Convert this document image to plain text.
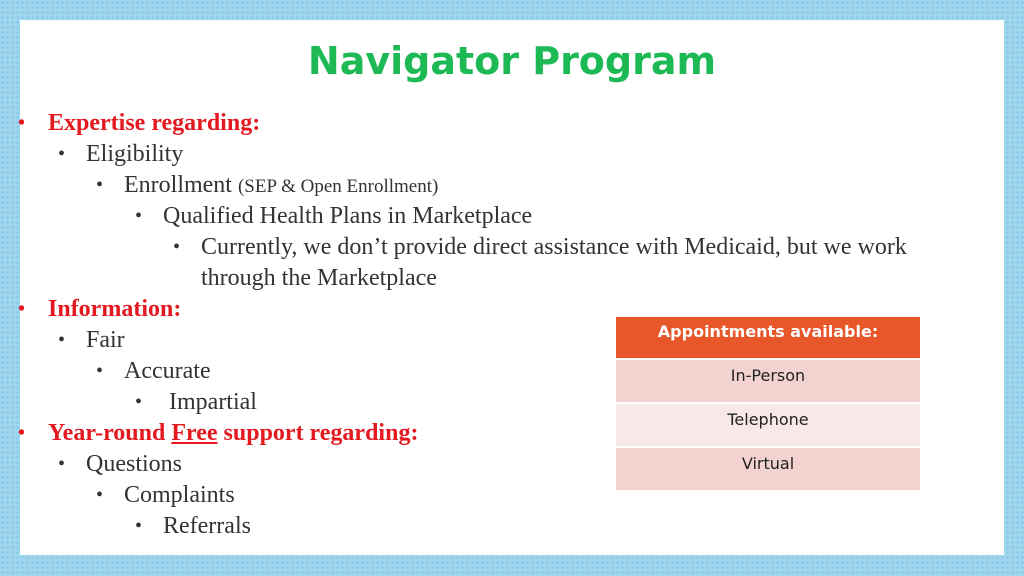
Navigator Program
• Expertise regarding:
• Eligibility
• Enrollment (SEP & Open Enrollment)
• Qualified Health Plans in Marketplace
• Currently, we don’t provide direct assistance with Medicaid, but we work
through the Marketplace
• Information:
• Fair
• Accurate
• Impartial
• Year-round Free support regarding:
• Questions
• Complaints
• Referrals
Appointments available:
In-Person
Telephone
Virtual
